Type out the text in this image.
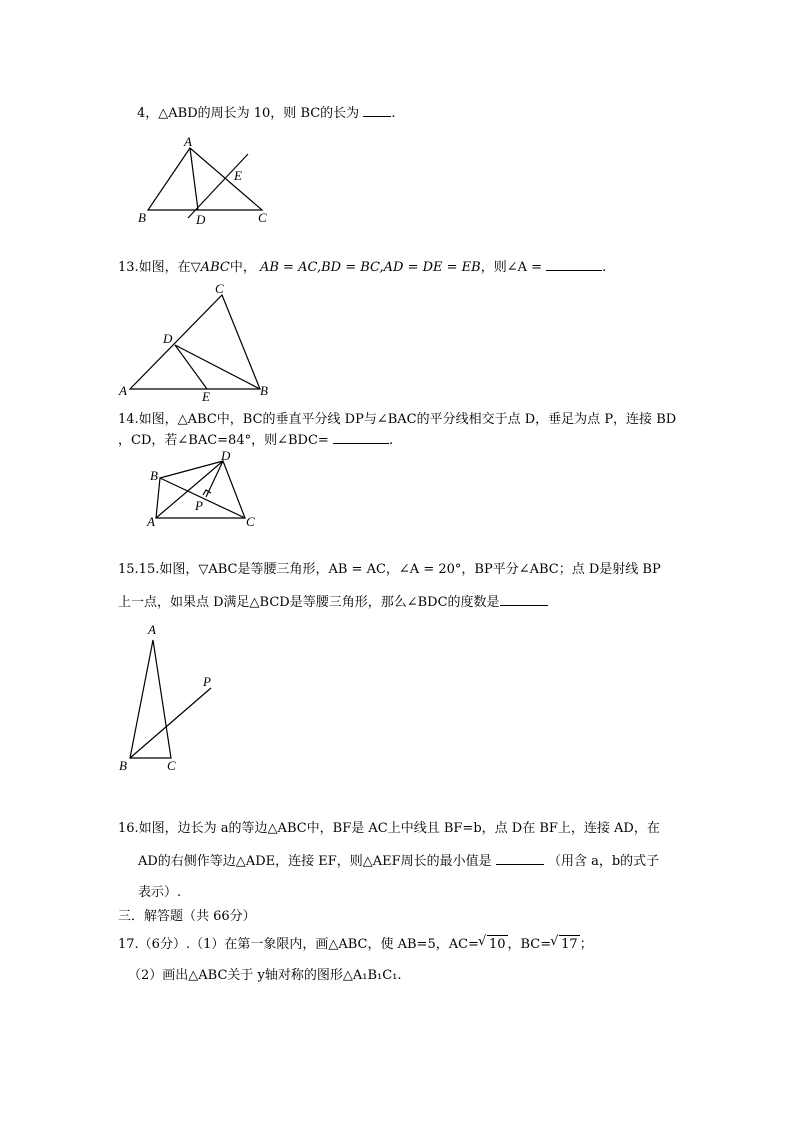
4，△ABD的周长为 10，则 BC的长为 .
A
B	C
D
E
13.如图，在▽ABC中， AB = AC,BD = BC,AD = DE = EB，则∠A =	.
C
D
A	B
E
14.如图，△ABC中，BC的垂直平分线 DP与∠BAC的平分线相交于点 D，垂足为点 P，连接 BD
，CD，若∠BAC=84°，则∠BDC=	.
D
B
P
A	C
15.15.如图，▽ABC是等腰三角形，AB = AC，∠A = 20°，BP平分∠ABC；点 D是射线 BP
上一点，如果点 D满足△BCD是等腰三角形，那么∠BDC的度数是
A
P
B	C
16.如图，边长为 a的等边△ABC中，BF是 AC上中线且 BF=b，点 D在 BF上，连接 AD，在
AD的右侧作等边△ADE，连接 EF，则△AEF周长的最小值是	（用含 a，b的式子
表示）.
三．解答题（共 66分）
17.（6分）.（1）在第一象限内，画△ABC，使 AB=5，AC= √ 10 ，BC= √ 17 ；
（2）画出△ABC关于 y轴对称的图形△A₁B₁C₁.
